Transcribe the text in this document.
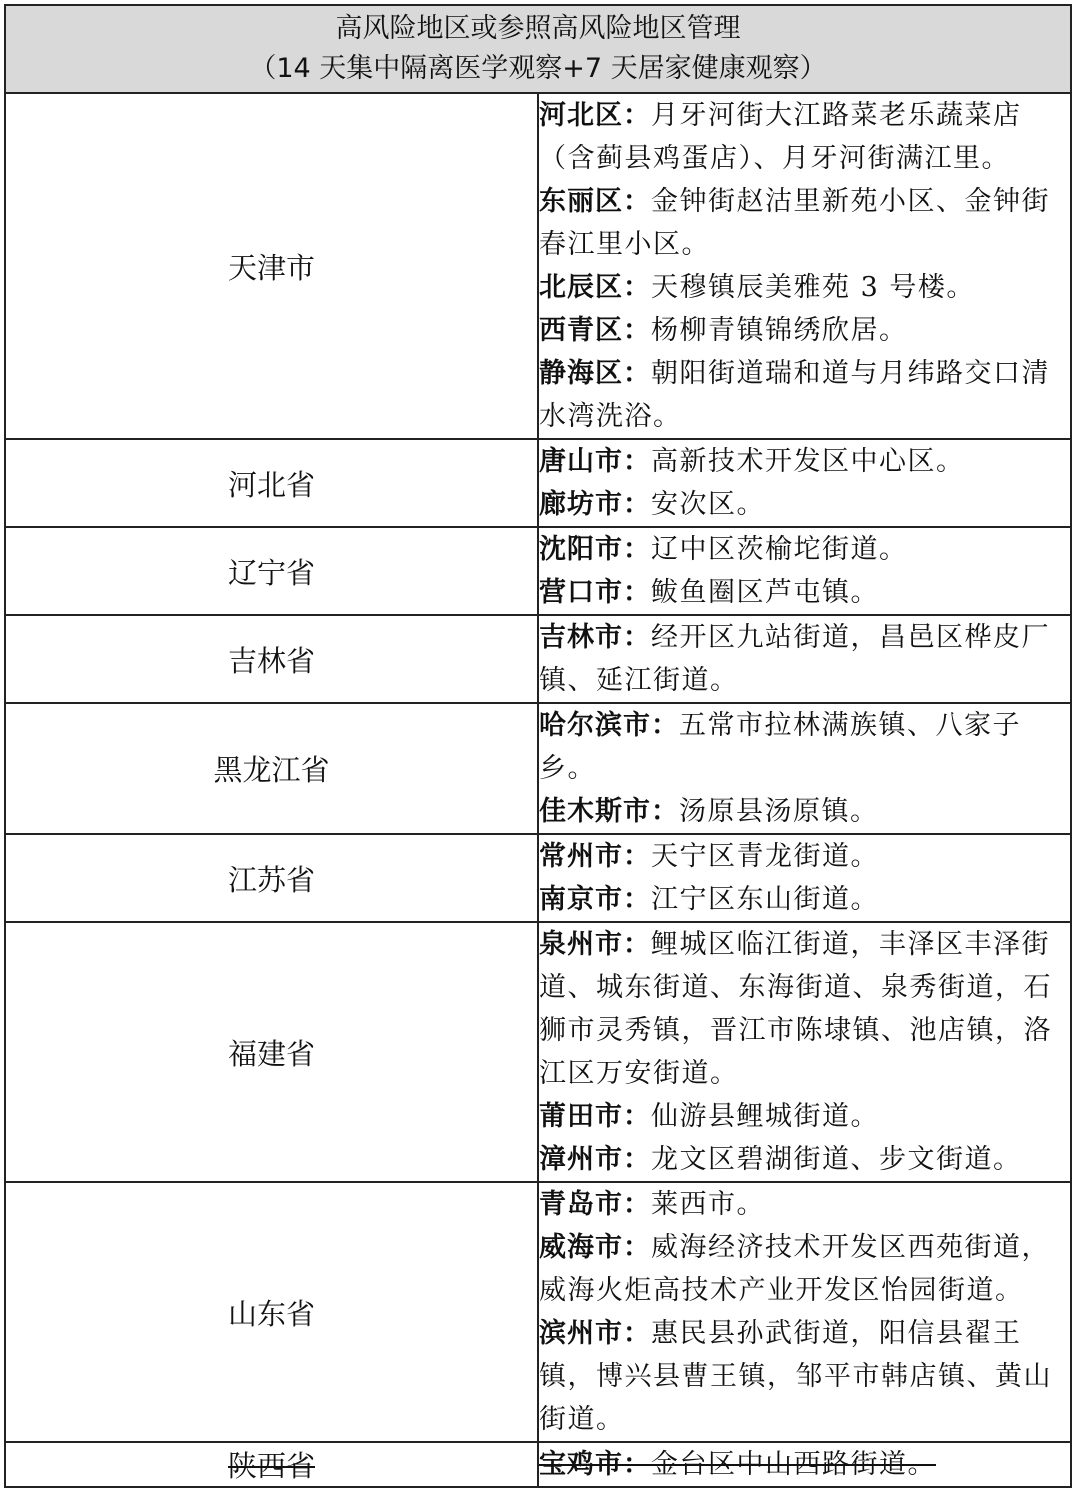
高风险地区或参照高风险地区管理
（14 天集中隔离医学观察+7 天居家健康观察）	

天津市	河北区：月牙河街大江路菜老乐蔬菜店（含蓟县鸡蛋店）、月牙河街满江里。

东丽区：金钟街赵沽里新苑小区、金钟街春江里小区。

北辰区：天穆镇辰美雅苑 3 号楼。

西青区：杨柳青镇锦绣欣居。

静海区：朝阳街道瑞和道与月纬路交口清水湾洗浴。

河北省	唐山市：高新技术开发区中心区。

廊坊市：安次区。

辽宁省	沈阳市：辽中区茨榆坨街道。

营口市：鲅鱼圈区芦屯镇。

吉林省	吉林市：经开区九站街道，昌邑区桦皮厂镇、延江街道。

黑龙江省	哈尔滨市：五常市拉林满族镇、八家子乡。

佳木斯市：汤原县汤原镇。

江苏省	常州市：天宁区青龙街道。

南京市：江宁区东山街道。

福建省	泉州市：鲤城区临江街道，丰泽区丰泽街道、城东街道、东海街道、泉秀街道，石狮市灵秀镇，晋江市陈埭镇、池店镇，洛江区万安街道。

莆田市：仙游县鲤城街道。

漳州市：龙文区碧湖街道、步文街道。

山东省	青岛市：莱西市。

威海市：威海经济技术开发区西苑街道，威海火炬高技术产业开发区怡园街道。

滨州市：惠民县孙武街道，阳信县翟王镇，博兴县曹王镇，邹平市韩店镇、黄山街道。

陕西省	宝鸡市：金台区中山西路街道。
